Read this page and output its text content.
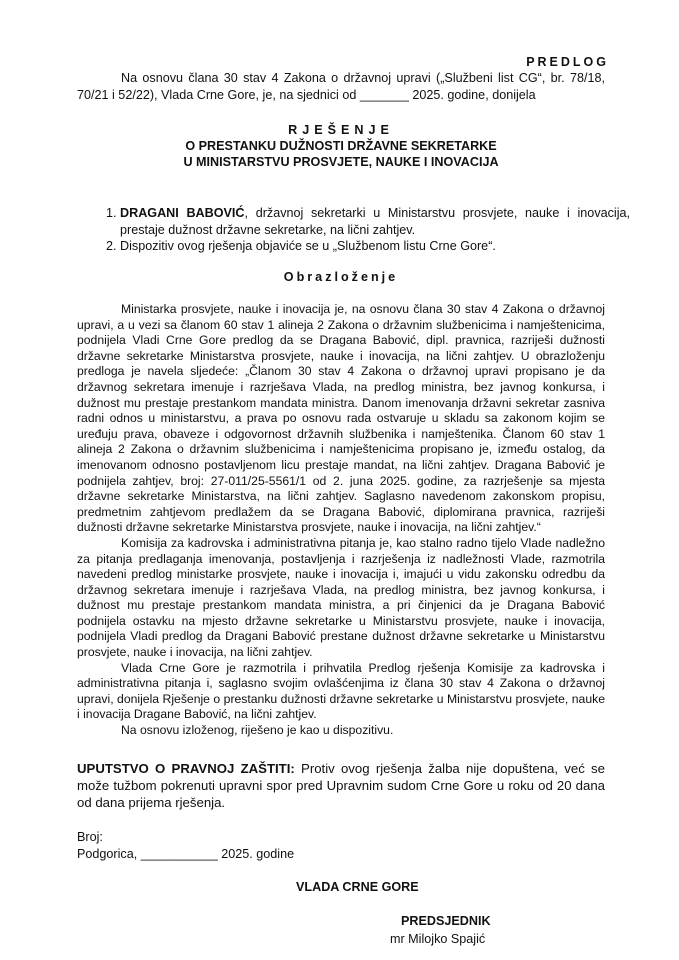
PREDLOG
Na osnovu člana 30 stav 4 Zakona o državnoj upravi („Službeni list CG“, br. 78/18, 70/21 i 52/22), Vlada Crne Gore, je, na sjednici od _______ 2025. godine, donijela
RJEŠENJE
O PRESTANKU DUŽNOSTI DRŽAVNE SEKRETARKE
U MINISTARSTVU PROSVJETE, NAUKE I INOVACIJA
1. DRAGANI BABOVIĆ, državnoj sekretarki u Ministarstvu prosvjete, nauke i inovacija, prestaje dužnost državne sekretarke, na lični zahtjev.
2. Dispozitiv ovog rješenja objaviće se u „Službenom listu Crne Gore“.
Obrazloženje

Ministarka prosvjete, nauke i inovacija je, na osnovu člana 30 stav 4 Zakona o državnoj upravi, a u vezi sa članom 60 stav 1 alineja 2 Zakona o državnim službenicima i namještenicima, podnijela Vladi Crne Gore predlog da se Dragana Babović, dipl. pravnica, razriješi dužnosti državne sekretarke Ministarstva prosvjete, nauke i inovacija, na lični zahtjev. U obrazloženju predloga je navela sljedeće: „Članom 30 stav 4 Zakona o državnoj upravi propisano je da državnog sekretara imenuje i razrješava Vlada, na predlog ministra, bez javnog konkursa, i dužnost mu prestaje prestankom mandata ministra. Danom imenovanja državni sekretar zasniva radni odnos u ministarstvu, a prava po osnovu rada ostvaruje u skladu sa zakonom kojim se uređuju prava, obaveze i odgovornost državnih službenika i namještenika. Članom 60 stav 1 alineja 2 Zakona o državnim službenicima i namještenicima propisano je, između ostalog, da imenovanom odnosno postavljenom licu prestaje mandat, na lični zahtjev. Dragana Babović je podnijela zahtjev, broj: 27-011/25-5561/1 od 2. juna 2025. godine, za razrješenje sa mjesta državne sekretarke Ministarstva, na lični zahtjev. Saglasno navedenom zakonskom propisu, predmetnim zahtjevom predlažem da se Dragana Babović, diplomirana pravnica, razriješi dužnosti državne sekretarke Ministarstva prosvjete, nauke i inovacija, na lični zahtjev.“

Komisija za kadrovska i administrativna pitanja je, kao stalno radno tijelo Vlade nadležno za pitanja predlaganja imenovanja, postavljenja i razrješenja iz nadležnosti Vlade, razmotrila navedeni predlog ministarke prosvjete, nauke i inovacija i, imajući u vidu zakonsku odredbu da državnog sekretara imenuje i razrješava Vlada, na predlog ministra, bez javnog konkursa, i dužnost mu prestaje prestankom mandata ministra, a pri činjenici da je Dragana Babović podnijela ostavku na mjesto državne sekretarke u Ministarstvu prosvjete, nauke i inovacija, podnijela Vladi predlog da Dragani Babović prestane dužnost državne sekretarke u Ministarstvu prosvjete, nauke i inovacija, na lični zahtjev.

Vlada Crne Gore je razmotrila i prihvatila Predlog rješenja Komisije za kadrovska i administrativna pitanja i, saglasno svojim ovlašćenjima iz člana 30 stav 4 Zakona o državnoj upravi, donijela Rješenje o prestanku dužnosti državne sekretarke u Ministarstvu prosvjete, nauke i inovacija Dragane Babović, na lični zahtjev.

Na osnovu izloženog, riješeno je kao u dispozitivu.

UPUTSTVO O PRAVNOJ ZAŠTITI: Protiv ovog rješenja žalba nije dopuštena, već se može tužbom pokrenuti upravni spor pred Upravnim sudom Crne Gore u roku od 20 dana od dana prijema rješenja.
Broj:
Podgorica, ___________ 2025. godine
VLADA CRNE GORE
PREDSJEDNIK
mr Milojko Spajić
